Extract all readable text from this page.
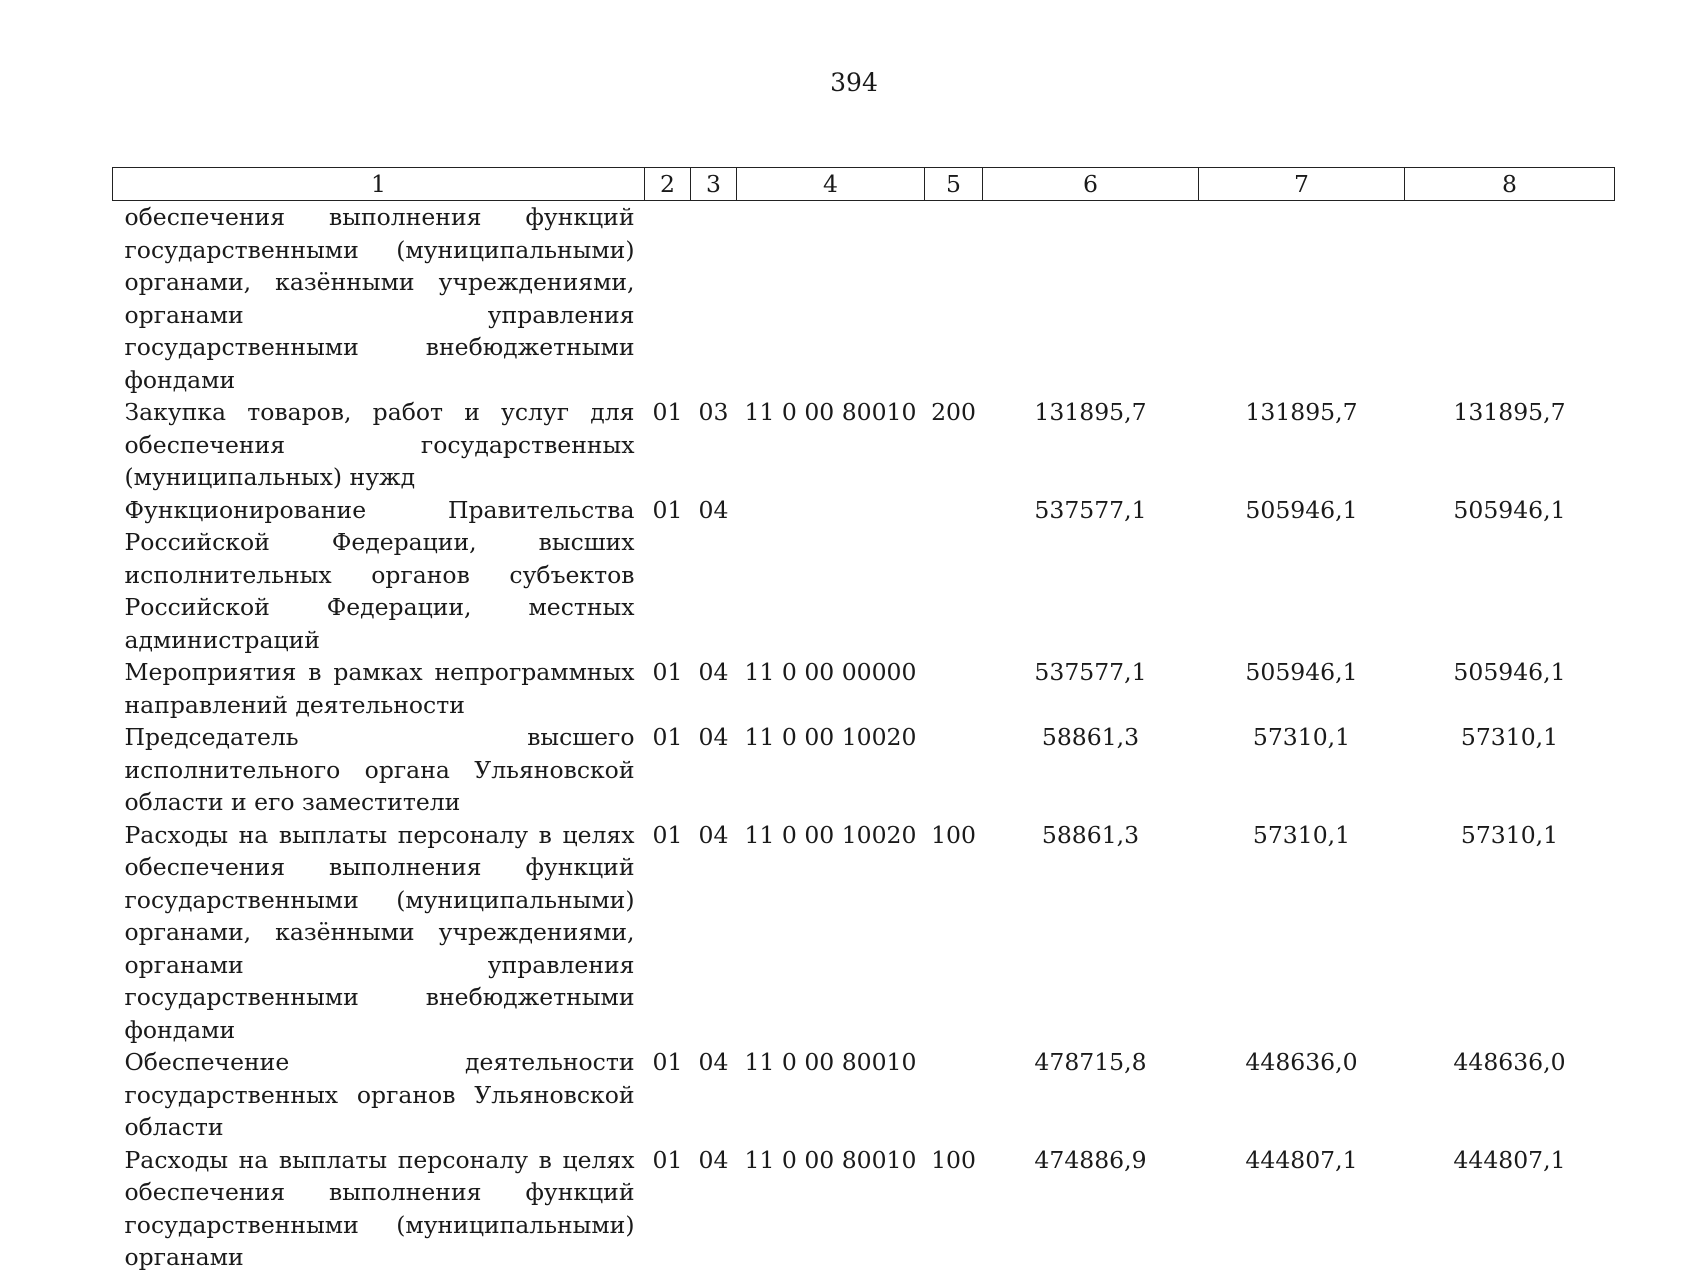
394
1	2	3	4	5	6	7	8
обеспечения выполнения функций государственными (муниципальными) органами, казёнными учреждениями, органами управления государственными внебюджетными фондами							
Закупка товаров, работ и услуг для обеспечения государственных (муниципальных) нужд	01	03	11 0 00 80010	200	131895,7	131895,7	131895,7
Функционирование Правительства Российской Федерации, высших исполнительных органов субъектов Российской Федерации, местных администраций	01	04			537577,1	505946,1	505946,1
Мероприятия в рамках непрограммных направлений деятельности	01	04	11 0 00 00000		537577,1	505946,1	505946,1
Председатель высшего исполнительного органа Ульяновской области и его заместители	01	04	11 0 00 10020		58861,3	57310,1	57310,1
Расходы на выплаты персоналу в целях обеспечения выполнения функций государственными (муниципальными) органами, казёнными учреждениями, органами управления государственными внебюджетными фондами	01	04	11 0 00 10020	100	58861,3	57310,1	57310,1
Обеспечение деятельности государственных органов Ульяновской области	01	04	11 0 00 80010		478715,8	448636,0	448636,0
Расходы на выплаты персоналу в целях обеспечения выполнения функций государственными (муниципальными) органами	01	04	11 0 00 80010	100	474886,9	444807,1	444807,1
